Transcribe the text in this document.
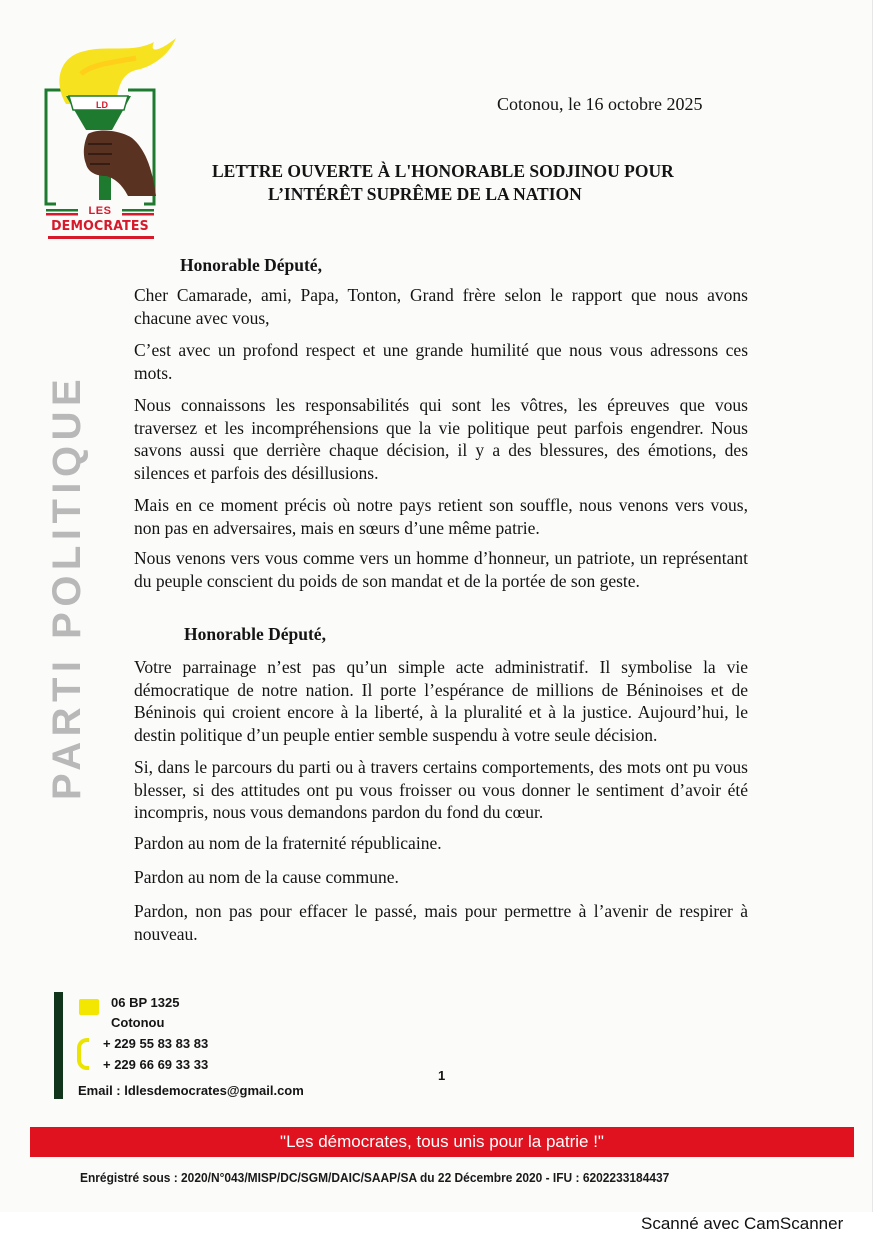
LD
LES
DEMOCRATES
PARTI POLITIQUE
Cotonou, le 16 octobre 2025
LETTRE OUVERTE À L'HONORABLE SODJINOU POUR
L’INTÉRÊT SUPRÊME DE LA NATION
Honorable Député,

Cher Camarade, ami, Papa, Tonton, Grand frère selon le rapport que nous avons chacune avec vous,

C’est avec un profond respect et une grande humilité que nous vous adressons ces mots.

Nous connaissons les responsabilités qui sont les vôtres, les épreuves que vous traversez et les incompréhensions que la vie politique peut parfois engendrer. Nous savons aussi que derrière chaque décision, il y a des blessures, des émotions, des silences et parfois des désillusions.

Mais en ce moment précis où notre pays retient son souffle, nous venons vers vous, non pas en adversaires, mais en sœurs d’une même patrie.

Nous venons vers vous comme vers un homme d’honneur, un patriote, un représentant du peuple conscient du poids de son mandat et de la portée de son geste.

Honorable Député,

Votre parrainage n’est pas qu’un simple acte administratif. Il symbolise la vie démocratique de notre nation. Il porte l’espérance de millions de Béninoises et de Béninois qui croient encore à la liberté, à la pluralité et à la justice. Aujourd’hui, le destin politique d’un peuple entier semble suspendu à votre seule décision.

Si, dans le parcours du parti ou à travers certains comportements, des mots ont pu vous blesser, si des attitudes ont pu vous froisser ou vous donner le sentiment d’avoir été incompris, nous vous demandons pardon du fond du cœur.

Pardon au nom de la fraternité républicaine.

Pardon au nom de la cause commune.

Pardon, non pas pour effacer le passé, mais pour permettre à l’avenir de respirer à nouveau.

06 BP 1325
Cotonou
+ 229 55 83 83 83
+ 229 66 69 33 33
Email : ldlesdemocrates@gmail.com
1
"Les démocrates, tous unis pour la patrie !"
Enrégistré sous : 2020/N°043/MISP/DC/SGM/DAIC/SAAP/SA du 22 Décembre 2020 - IFU : 6202233184437
Scanné avec CamScanner
